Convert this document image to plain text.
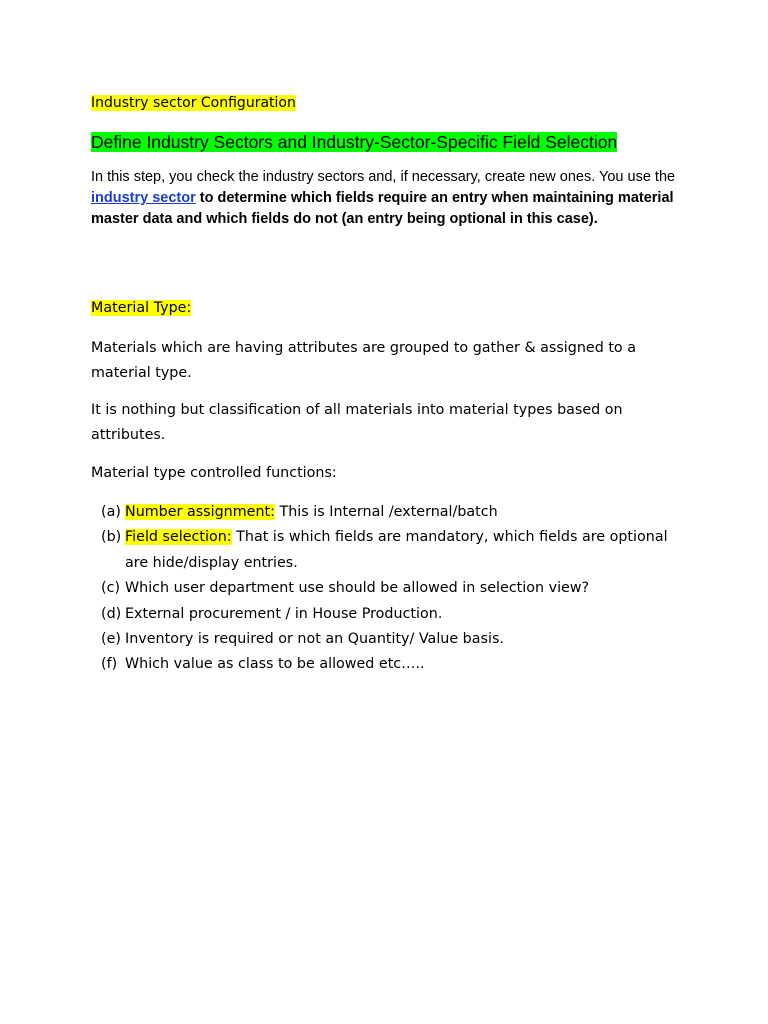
Industry sector Configuration
Define Industry Sectors and Industry-Sector-Specific Field Selection

In this step, you check the industry sectors and, if necessary, create new ones. You use the industry sector to determine which fields require an entry when maintaining material master data and which fields do not (an entry being optional in this case).

Material Type:

Materials which are having attributes are grouped to gather & assigned to a material type.

It is nothing but classification of all materials into material types based on attributes.

Material type controlled functions:

(a) Number assignment: This is Internal /external/batch
(b) Field selection: That is which fields are mandatory, which fields are optional are hide/display entries.
(c) Which user department use should be allowed in selection view?
(d) External procurement / in House Production.
(e) Inventory is required or not an Quantity/ Value basis.
(f) Which value as class to be allowed etc…..
